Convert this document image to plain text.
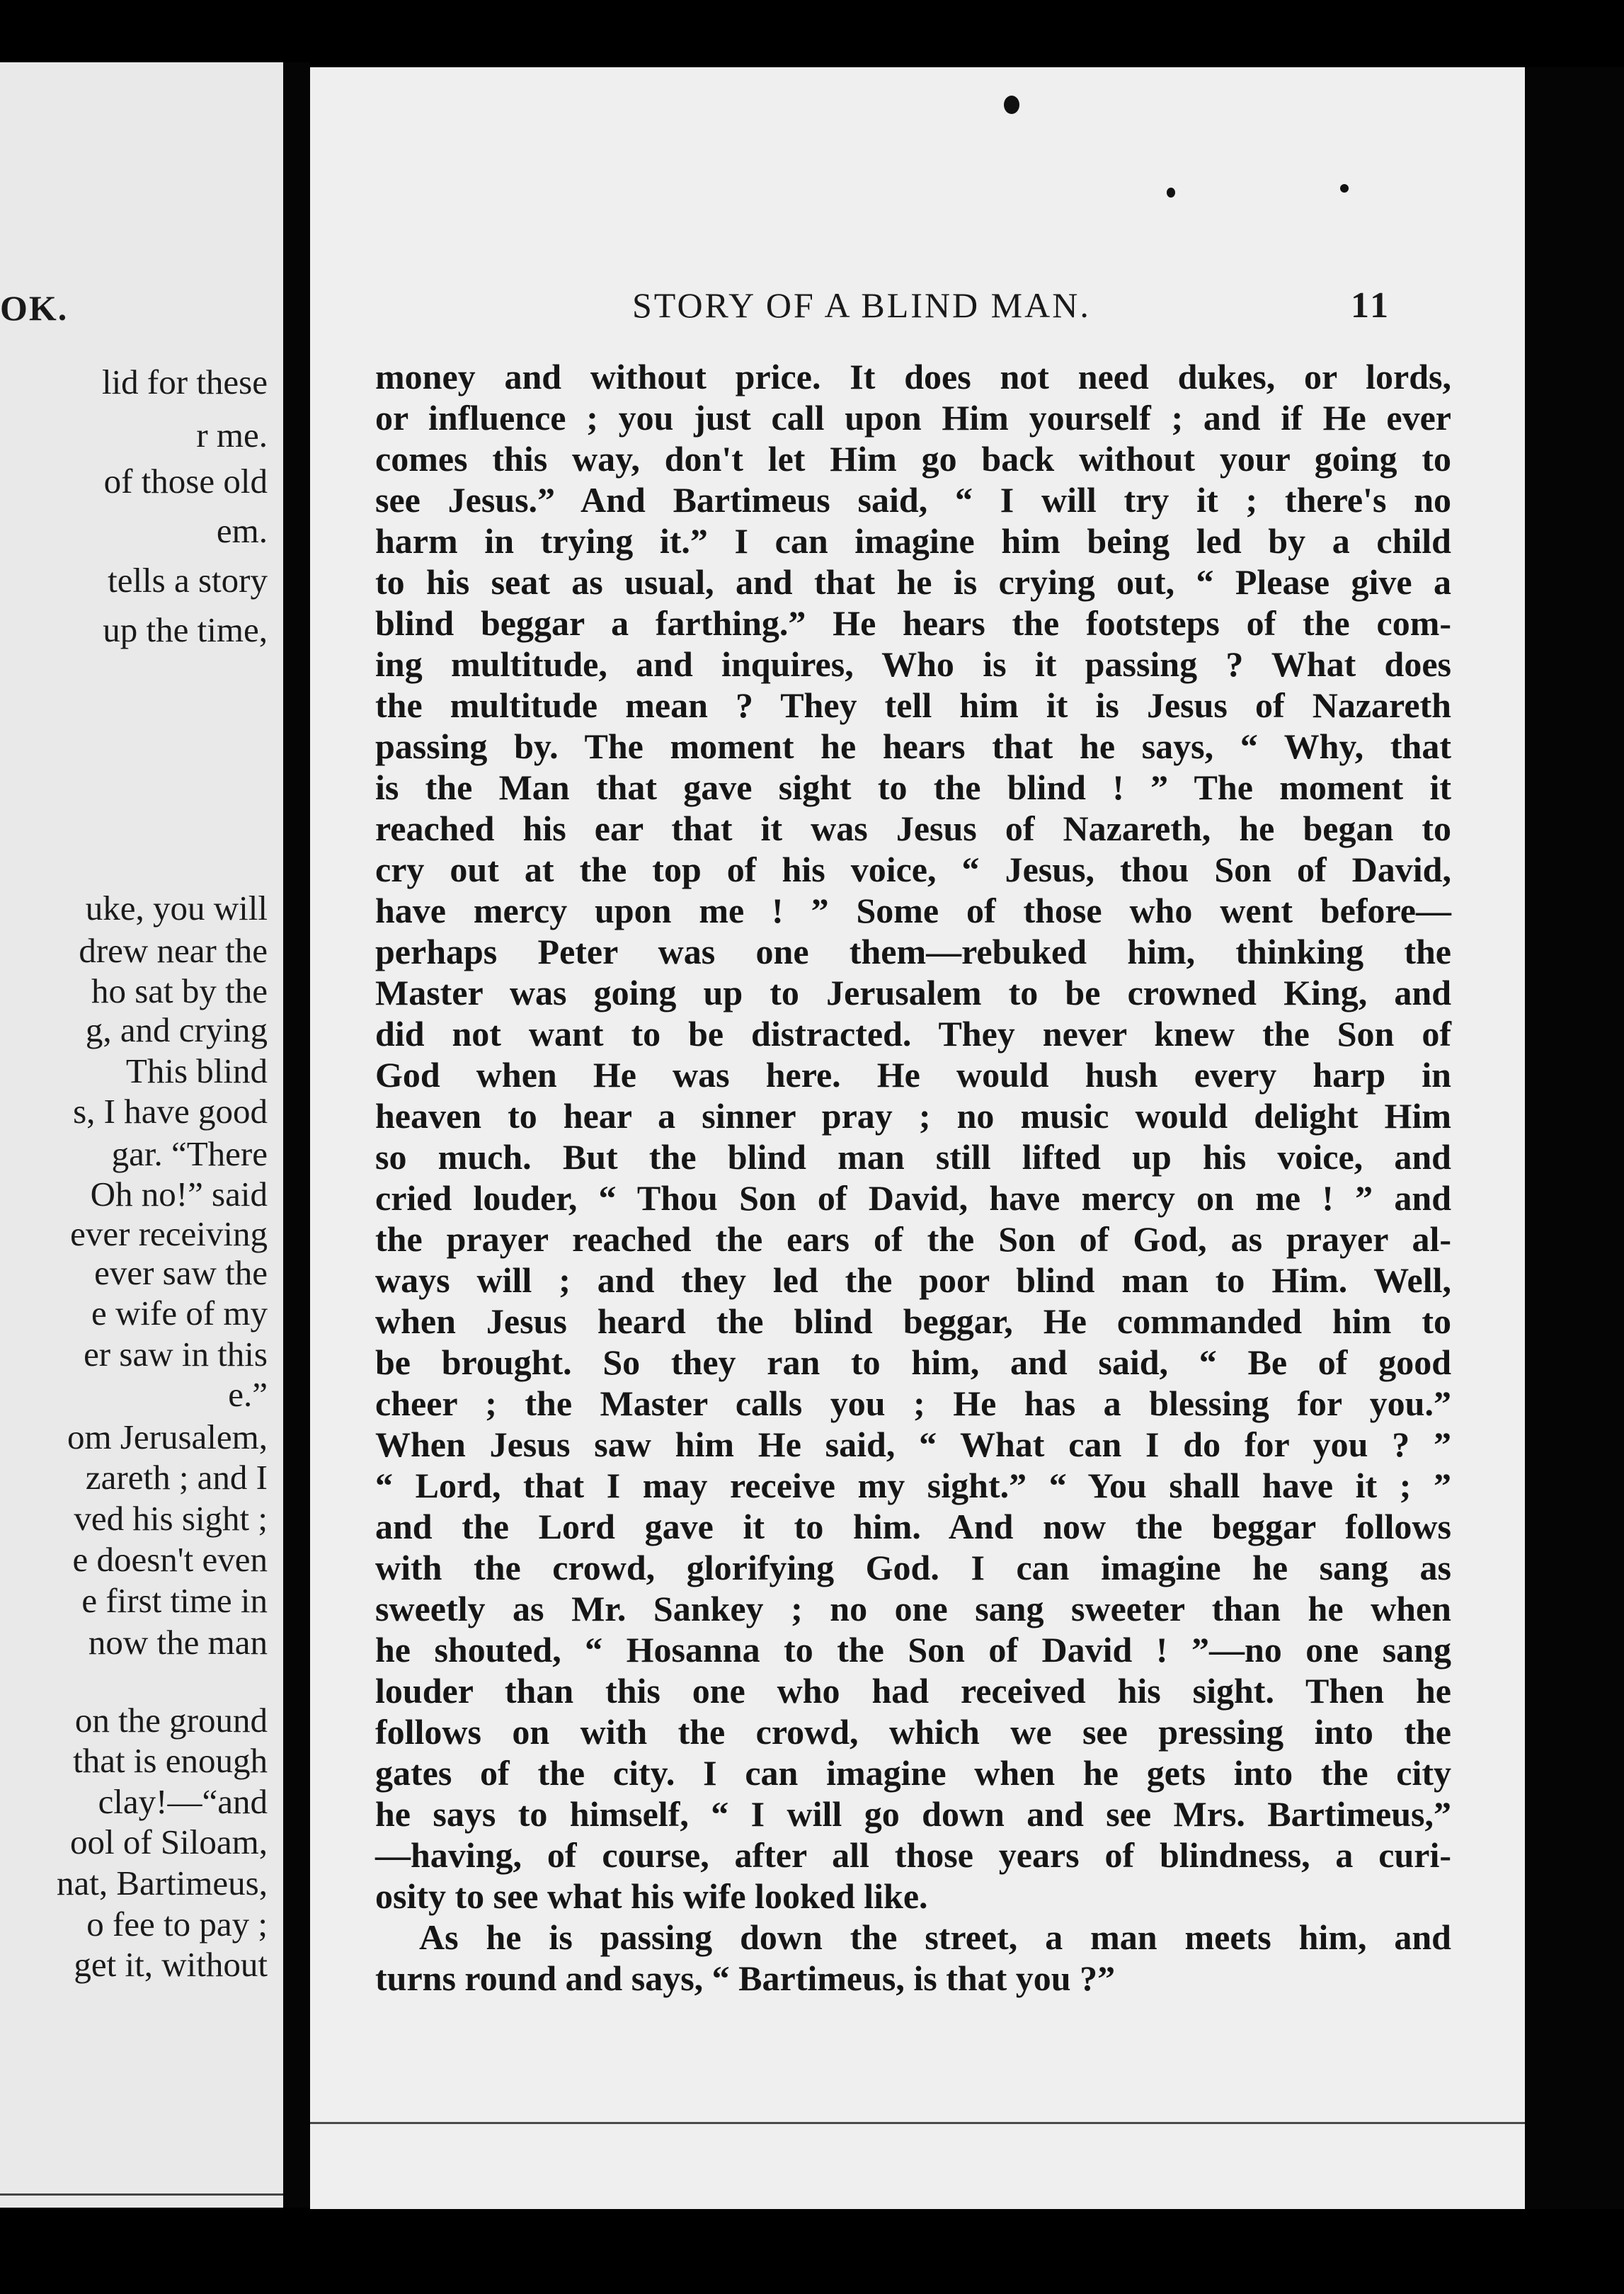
OK.
lid for these
r me.
of those old
em.
tells a story
up the time,
uke, you will
drew near the
ho sat by the
g, and crying
This blind
s, I have good
gar. “There
Oh no!” said
ever receiving
ever saw the
e wife of my
er saw in this
e.”
om Jerusalem,
zareth ; and I
ved his sight ;
e doesn't even
e first time in
now the man
on the ground
that is enough
clay!—“and
ool of Siloam,
nat, Bartimeus,
o fee to pay ;
get it, without
STORY OF A BLIND MAN.	11
money and without price. It does not need dukes, or lords,
or influence ; you just call upon Him yourself ; and if He ever
comes this way, don't let Him go back without your going to
see Jesus.” And Bartimeus said, “ I will try it ; there's no
harm in trying it.” I can imagine him being led by a child
to his seat as usual, and that he is crying out, “ Please give a
blind beggar a farthing.” He hears the footsteps of the com-
ing multitude, and inquires, Who is it passing ? What does
the multitude mean ? They tell him it is Jesus of Nazareth
passing by. The moment he hears that he says, “ Why, that
is the Man that gave sight to the blind ! ” The moment it
reached his ear that it was Jesus of Nazareth, he began to
cry out at the top of his voice, “ Jesus, thou Son of David,
have mercy upon me ! ” Some of those who went before—
perhaps Peter was one them—rebuked him, thinking the
Master was going up to Jerusalem to be crowned King, and
did not want to be distracted. They never knew the Son of
God when He was here. He would hush every harp in
heaven to hear a sinner pray ; no music would delight Him
so much. But the blind man still lifted up his voice, and
cried louder, “ Thou Son of David, have mercy on me ! ” and
the prayer reached the ears of the Son of God, as prayer al-
ways will ; and they led the poor blind man to Him. Well,
when Jesus heard the blind beggar, He commanded him to
be brought. So they ran to him, and said, “ Be of good
cheer ; the Master calls you ; He has a blessing for you.”
When Jesus saw him He said, “ What can I do for you ? ”
“ Lord, that I may receive my sight.” “ You shall have it ; ”
and the Lord gave it to him. And now the beggar follows
with the crowd, glorifying God. I can imagine he sang as
sweetly as Mr. Sankey ; no one sang sweeter than he when
he shouted, “ Hosanna to the Son of David ! ”—no one sang
louder than this one who had received his sight. Then he
follows on with the crowd, which we see pressing into the
gates of the city. I can imagine when he gets into the city
he says to himself, “ I will go down and see Mrs. Bartimeus,”
—having, of course, after all those years of blindness, a curi-
osity to see what his wife looked like.
As he is passing down the street, a man meets him, and
turns round and says, “ Bartimeus, is that you ?”
